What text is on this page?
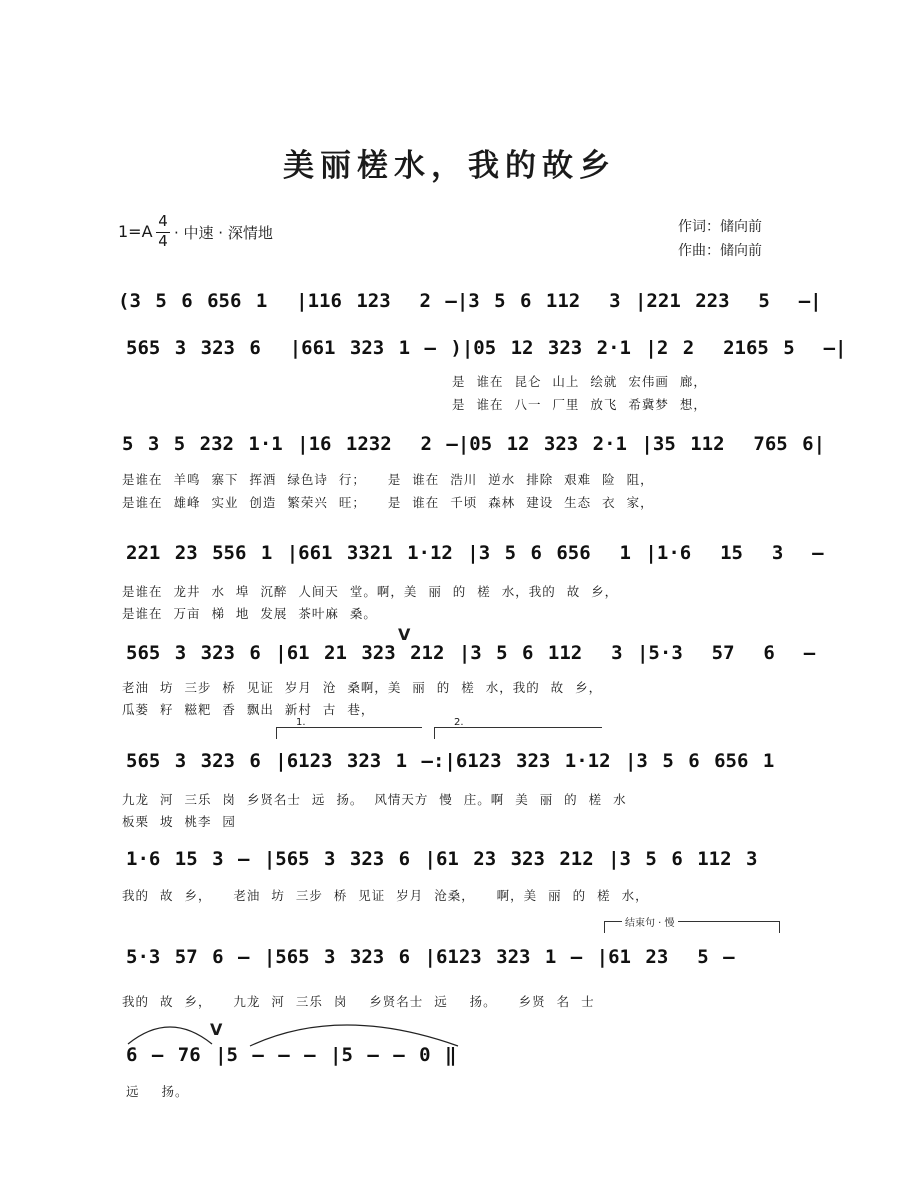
美丽槎水，我的故乡
1=A
4
4 · 中速 · 深情地	作词：储向前
作曲：储向前
(3 5 6 656 1  |116 123  2 –|3 5 6 112  3 |221 223  5  –|
565 3 323 6  |661 323 1 – )|05 12 323 2·1 |2 2  2165 5  –|
是 谁在 昆仑 山上 绘就 宏伟画 廊，
是 谁在 八一 厂里 放飞 希冀梦 想，
5 3 5 232 1·1 |16 1232  2 –|05 12 323 2·1 |35 112  765 6|
是谁在 羊鸣 寨下 挥酒 绿色诗 行；  是 谁在 浩川 逆水 排除 艰难 险 阻，
是谁在 雄峰 实业 创造 繁荣兴 旺；  是 谁在 千顷 森林 建设 生态 衣 家，
221 23 556 1 |661 3321 1·12 |3 5 6 656  1 |1·6  15  3  –
是谁在 龙井 水 埠 沉醉 人间天 堂。啊，美 丽 的 槎 水，我的 故 乡，
是谁在 万亩 梯 地 发展 茶叶麻 桑。
V
565 3 323 6 |61 21 323 212 |3 5 6 112  3 |5·3  57  6  –
老油 坊 三步 桥 见证 岁月 沧 桑啊，美 丽 的 槎 水，我的 故 乡，
瓜蒌 籽 糍粑 香 飘出 新村 古 巷，
1.	2.
565 3 323 6 |6123 323 1 –:|6123 323 1·12 |3 5 6 656 1
九龙 河 三乐 岗 乡贤名士 远 扬。 风情天方 慢 庄。啊 美 丽 的 槎 水
板栗 坡 桃李 园
1·6 15 3 – |565 3 323 6 |61 23 323 212 |3 5 6 112 3
我的 故 乡，  老油 坊 三步 桥 见证 岁月 沧桑，  啊，美 丽 的 槎 水，
结束句 · 慢
5·3 57 6 – |565 3 323 6 |6123 323 1 – |61 23  5 –
我的 故 乡，  九龙 河 三乐 岗  乡贤名士 远  扬。  乡贤 名 士
V
6 – 76 |5 – – – |5 – – 0 ‖
远  扬。
